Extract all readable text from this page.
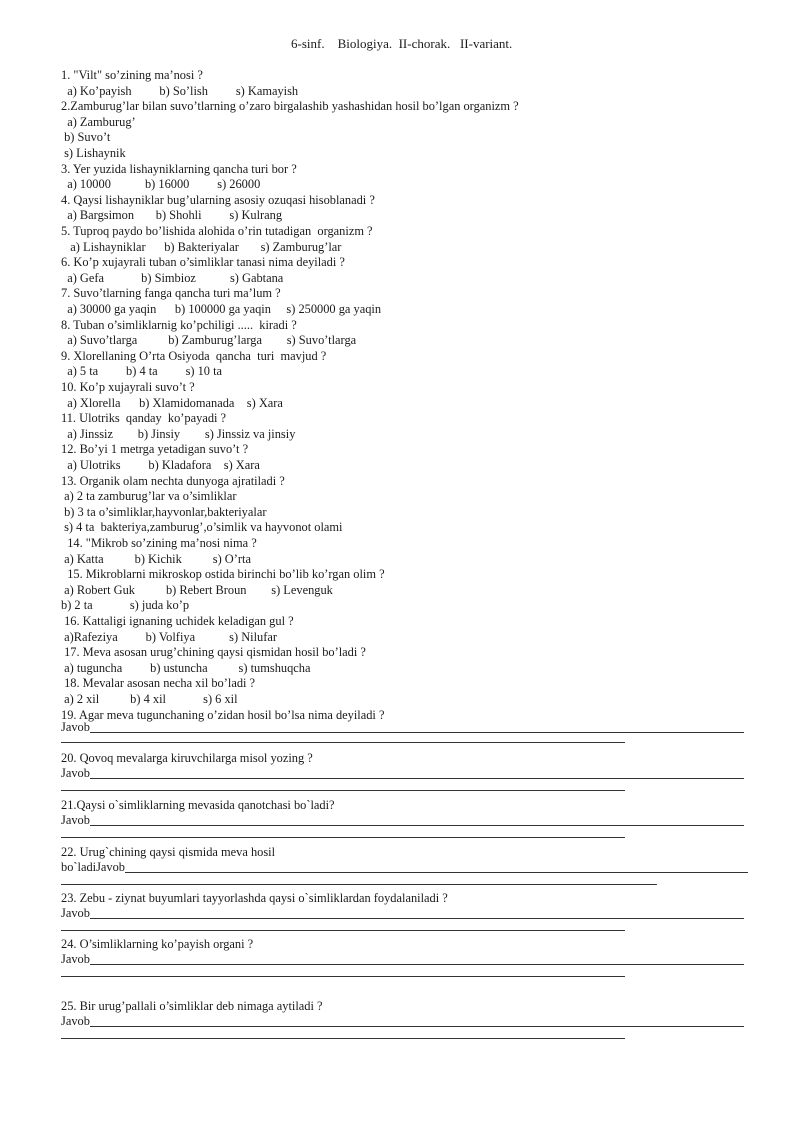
6-sinf.    Biologiya.  II-chorak.   II-variant.
1. "Vilt" so’zining ma’nosi ?
a) Ko’payish         b) So’lish         s) Kamayish
2.Zamburug’lar bilan suvo’tlarning o’zaro birgalashib yashashidan hosil bo’lgan organizm ?
a) Zamburug’
b) Suvo’t
s) Lishaynik
3. Yer yuzida lishayniklarning qancha turi bor ?
a) 10000           b) 16000         s) 26000
4. Qaysi lishayniklar bug’ularning asosiy ozuqasi hisoblanadi ?
a) Bargsimon       b) Shohli         s) Kulrang
5. Tuproq paydo bo’lishida alohida o’rin tutadigan  organizm ?
a) Lishayniklar      b) Bakteriyalar       s) Zamburug’lar
6. Ko’p xujayrali tuban o’simliklar tanasi nima deyiladi ?
a) Gefa            b) Simbioz           s) Gabtana
7. Suvo’tlarning fanga qancha turi ma’lum ?
a) 30000 ga yaqin      b) 100000 ga yaqin     s) 250000 ga yaqin
8. Tuban o’simliklarnig ko’pchiligi .....  kiradi ?
a) Suvo’tlarga          b) Zamburug’larga        s) Suvo’tlarga
9. Xlorellaning O’rta Osiyoda  qancha  turi  mavjud ?
a) 5 ta         b) 4 ta         s) 10 ta
10. Ko’p xujayrali suvo’t ?
a) Xlorella      b) Xlamidomanada    s) Xara
11. Ulotriks  qanday  ko’payadi ?
a) Jinssiz        b) Jinsiy        s) Jinssiz va jinsiy
12. Bo’yi 1 metrga yetadigan suvo’t ?
a) Ulotriks         b) Kladafora    s) Xara
13. Organik olam nechta dunyoga ajratiladi ?
a) 2 ta zamburug’lar va o’simliklar
b) 3 ta o’simliklar,hayvonlar,bakteriyalar
s) 4 ta  bakteriya,zamburug’,o’simlik va hayvonot olami
14. "Mikrob so’zining ma’nosi nima ?
a) Katta          b) Kichik          s) O’rta
15. Mikroblarni mikroskop ostida birinchi bo’lib ko’rgan olim ?
a) Robert Guk          b) Rebert Broun        s) Levenguk
b) 2 ta            s) juda ko’p
16. Kattaligi ignaning uchidek keladigan gul ?
a)Rafeziya         b) Volfiya           s) Nilufar
17. Meva asosan urug’chining qaysi qismidan hosil bo’ladi ?
a) tuguncha         b) ustuncha          s) tumshuqcha
18. Mevalar asosan necha xil bo’ladi ?
a) 2 xil          b) 4 xil            s) 6 xil
19. Agar meva tugunchaning o’zidan hosil bo’lsa nima deyiladi ?
Javob
20. Qovoq mevalarga kiruvchilarga misol yozing ?
Javob
21.Qaysi o`simliklarning mevasida qanotchasi bo`ladi?
Javob
22. Urug`chining qaysi qismida meva hosil
bo`ladiJavob
23. Zebu - ziynat buyumlari tayyorlashda qaysi o`simliklardan foydalaniladi ?
Javob
24. O’simliklarning ko’payish organi ?
Javob
25. Bir urug’pallali o’simliklar deb nimaga aytiladi ?
Javob
